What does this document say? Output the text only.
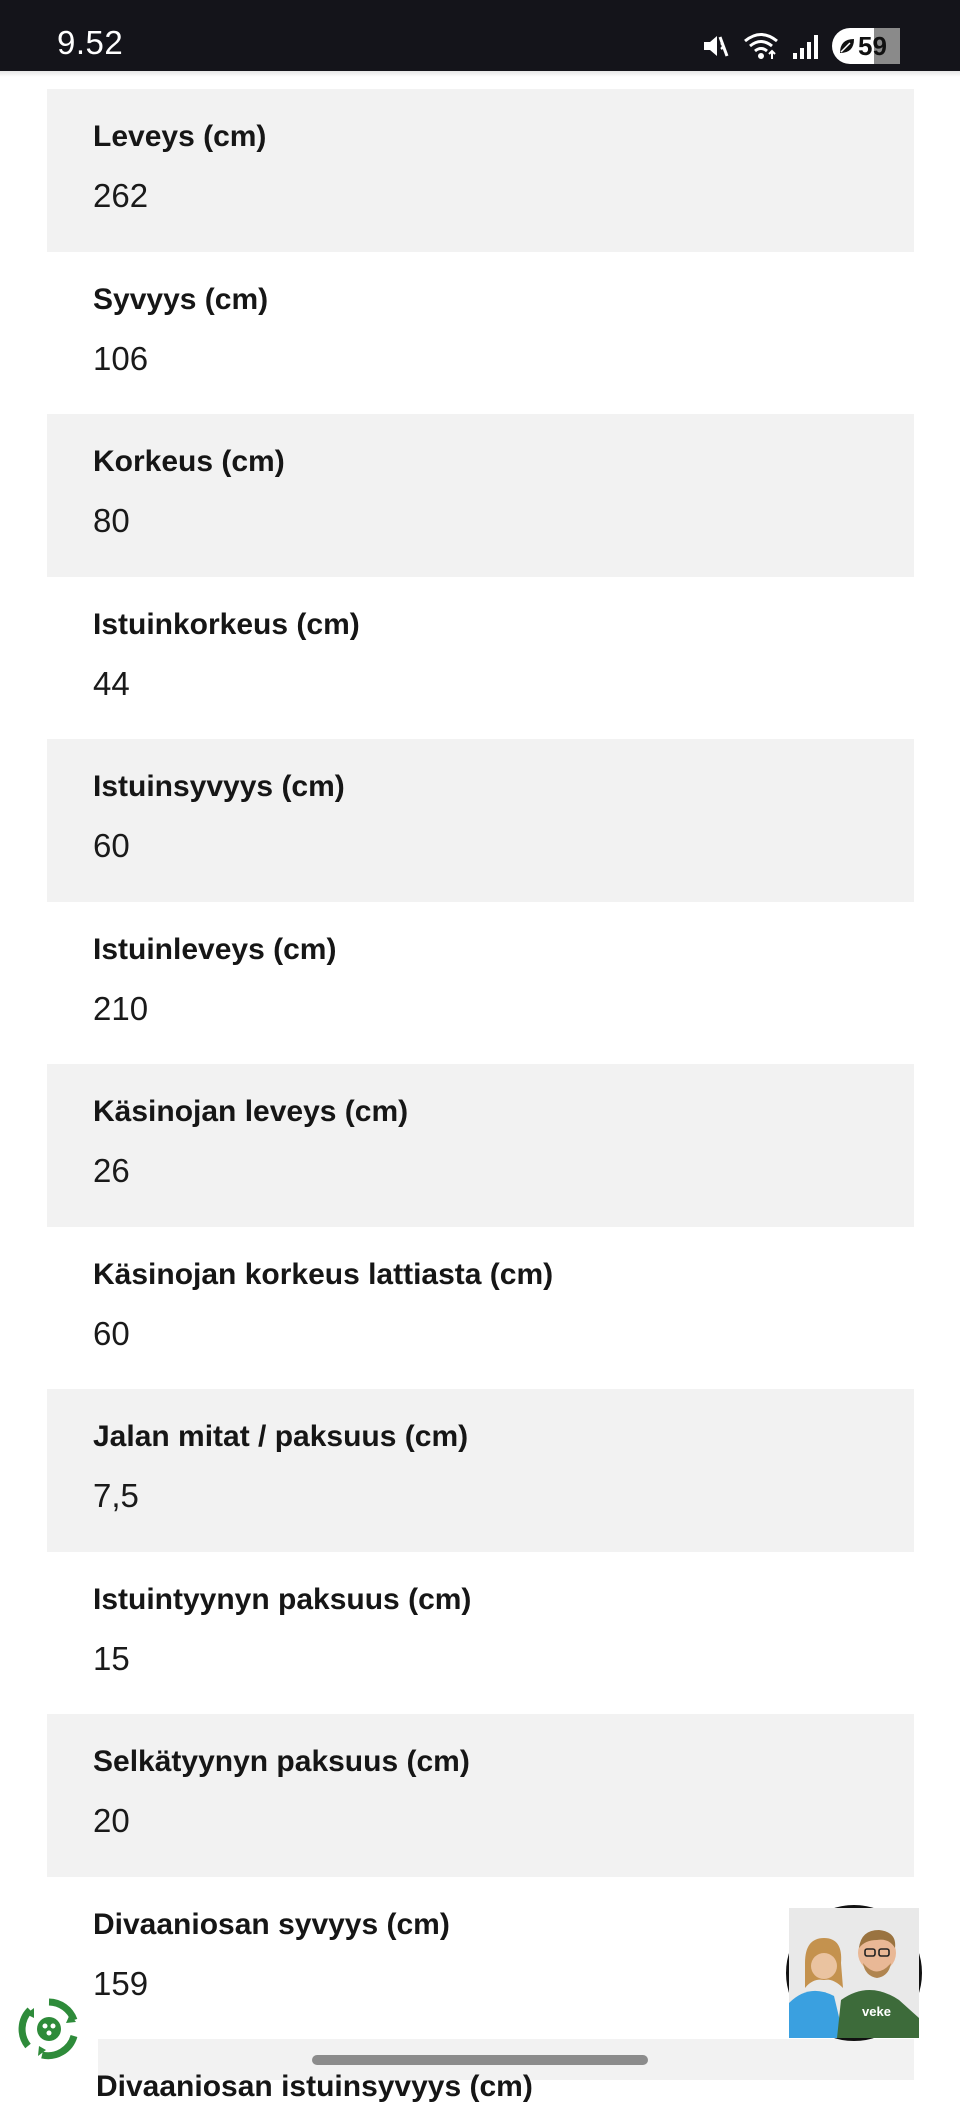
9.52	59
Leveys (cm)
262
Syvyys (cm)
106
Korkeus (cm)
80
Istuinkorkeus (cm)
44
Istuinsyvyys (cm)
60
Istuinleveys (cm)
210
Käsinojan leveys (cm)
26
Käsinojan korkeus lattiasta (cm)
60
Jalan mitat / paksuus (cm)
7,5
Istuintyynyn paksuus (cm)
15
Selkätyynyn paksuus (cm)
20
Divaaniosan syvyys (cm)
159
Divaaniosan istuinsyvyys (cm)
veke
